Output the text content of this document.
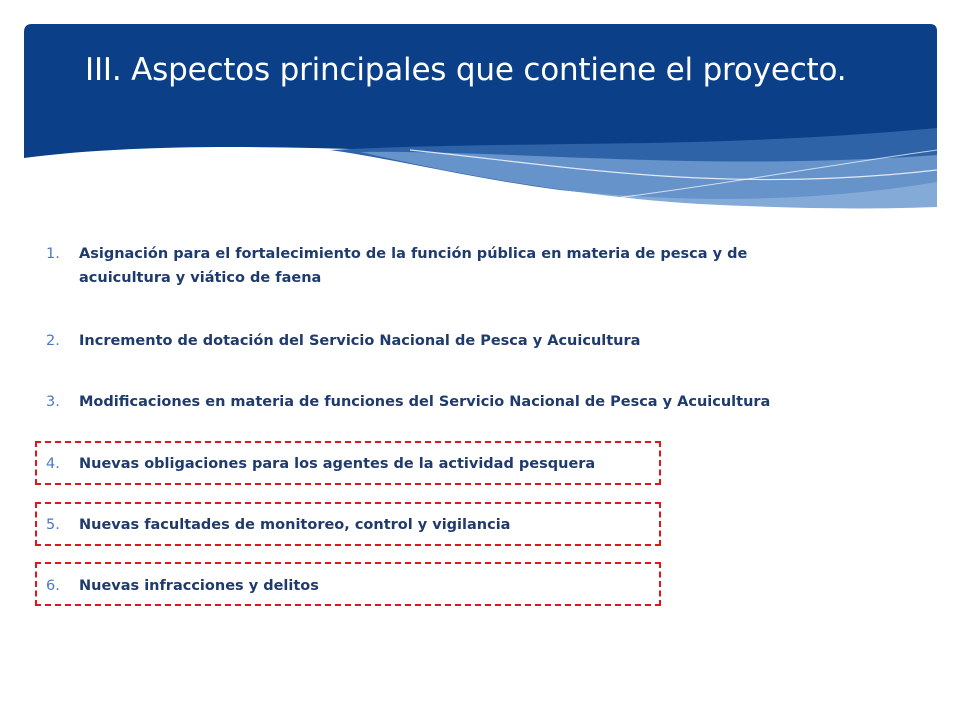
III. Aspectos principales que contiene el proyecto.
1.	Asignación para el fortalecimiento de la función pública en materia de pesca y de acuicultura y viático de faena
2.	Incremento de dotación del Servicio Nacional de Pesca y Acuicultura
3.	Modificaciones en materia de funciones del Servicio Nacional de Pesca y Acuicultura
4.	Nuevas obligaciones para los agentes de la actividad pesquera
5.	Nuevas facultades de monitoreo, control y vigilancia
6.	Nuevas infracciones y delitos
